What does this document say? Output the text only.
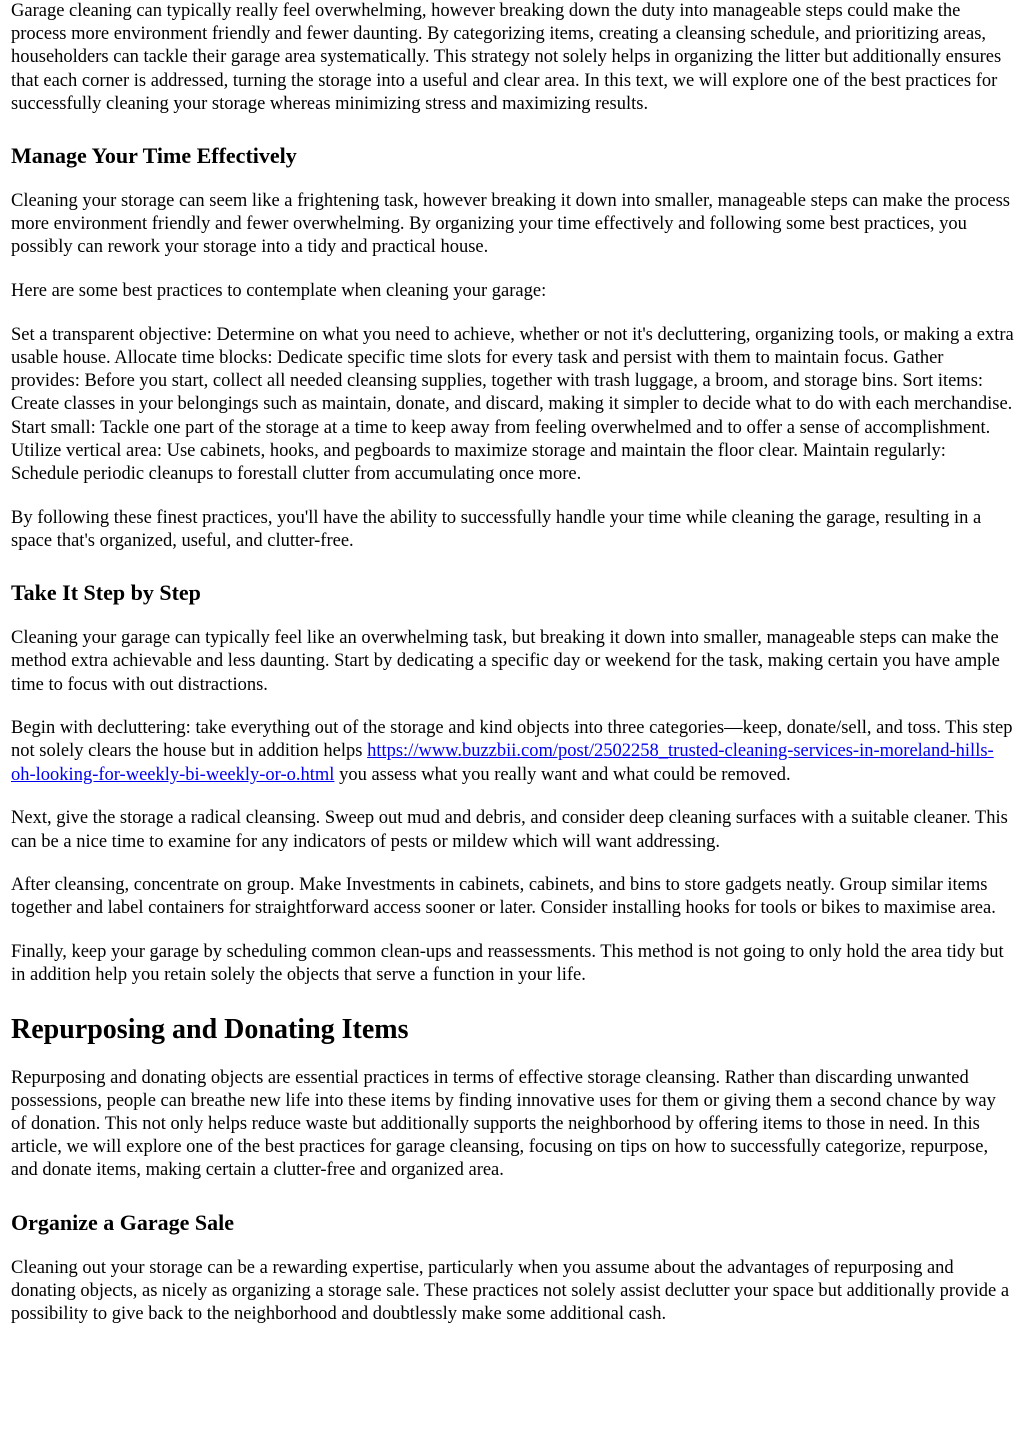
Garage cleaning can typically really feel overwhelming, however breaking down the duty into manageable steps could make the process more environment friendly and fewer daunting. By categorizing items, creating a cleansing schedule, and prioritizing areas, householders can tackle their garage area systematically. This strategy not solely helps in organizing the litter but additionally ensures that each corner is addressed, turning the storage into a useful and clear area. In this text, we will explore one of the best practices for successfully cleaning your storage whereas minimizing stress and maximizing results.

Manage Your Time Effectively

Cleaning your storage can seem like a frightening task, however breaking it down into smaller, manageable steps can make the process more environment friendly and fewer overwhelming. By organizing your time effectively and following some best practices, you possibly can rework your storage into a tidy and practical house.

Here are some best practices to contemplate when cleaning your garage:

Set a transparent objective: Determine on what you need to achieve, whether or not it's decluttering, organizing tools, or making a extra usable house. Allocate time blocks: Dedicate specific time slots for every task and persist with them to maintain focus. Gather provides: Before you start, collect all needed cleansing supplies, together with trash luggage, a broom, and storage bins. Sort items: Create classes in your belongings such as maintain, donate, and discard, making it simpler to decide what to do with each merchandise. Start small: Tackle one part of the storage at a time to keep away from feeling overwhelmed and to offer a sense of accomplishment. Utilize vertical area: Use cabinets, hooks, and pegboards to maximize storage and maintain the floor clear. Maintain regularly: Schedule periodic cleanups to forestall clutter from accumulating once more.

By following these finest practices, you'll have the ability to successfully handle your time while cleaning the garage, resulting in a space that's organized, useful, and clutter-free.

Take It Step by Step

Cleaning your garage can typically feel like an overwhelming task, but breaking it down into smaller, manageable steps can make the method extra achievable and less daunting. Start by dedicating a specific day or weekend for the task, making certain you have ample time to focus with out distractions.

Begin with decluttering: take everything out of the storage and kind objects into three categories—keep, donate/sell, and toss. This step not solely clears the house but in addition helps https://www.buzzbii.com/post/2502258_trusted-cleaning-services-in-moreland-hills-oh-looking-for-weekly-bi-weekly-or-o.html you assess what you really want and what could be removed.

Next, give the storage a radical cleansing. Sweep out mud and debris, and consider deep cleaning surfaces with a suitable cleaner. This can be a nice time to examine for any indicators of pests or mildew which will want addressing.

After cleansing, concentrate on group. Make Investments in cabinets, cabinets, and bins to store gadgets neatly. Group similar items together and label containers for straightforward access sooner or later. Consider installing hooks for tools or bikes to maximise area.

Finally, keep your garage by scheduling common clean-ups and reassessments. This method is not going to only hold the area tidy but in addition help you retain solely the objects that serve a function in your life.

Repurposing and Donating Items

Repurposing and donating objects are essential practices in terms of effective storage cleansing. Rather than discarding unwanted possessions, people can breathe new life into these items by finding innovative uses for them or giving them a second chance by way of donation. This not only helps reduce waste but additionally supports the neighborhood by offering items to those in need. In this article, we will explore one of the best practices for garage cleansing, focusing on tips on how to successfully categorize, repurpose, and donate items, making certain a clutter-free and organized area.

Organize a Garage Sale

Cleaning out your storage can be a rewarding expertise, particularly when you assume about the advantages of repurposing and donating objects, as nicely as organizing a storage sale. These practices not solely assist declutter your space but additionally provide a possibility to give back to the neighborhood and doubtlessly make some additional cash.
